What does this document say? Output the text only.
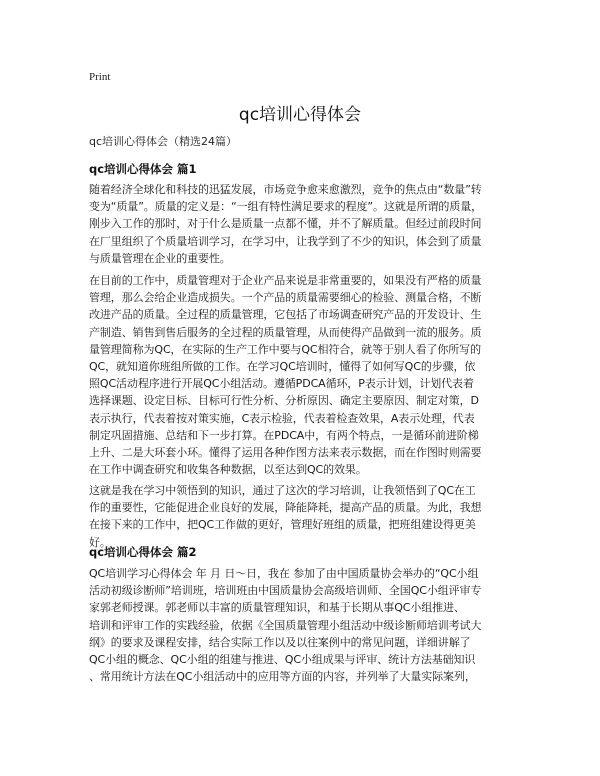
Print
qc培训心得体会
qc培训心得体会（精选24篇）
qc培训心得体会 篇1
随着经济全球化和科技的迅猛发展，市场竞争愈来愈激烈，竞争的焦点由“数量”转
变为“质量”。质量的定义是：“一组有特性满足要求的程度”。这就是所谓的质量，
刚步入工作的那时，对于什么是质量一点都不懂，并不了解质量。但经过前段时间
在厂里组织了个质量培训学习，在学习中，让我学到了不少的知识，体会到了质量
与质量管理在企业的重要性。
在目前的工作中，质量管理对于企业产品来说是非常重要的，如果没有严格的质量
管理，那么会给企业造成损失。一个产品的质量需要细心的检验、测量合格，不断
改进产品的质量。全过程的质量管理，它包括了市场调查研究产品的开发设计、生
产制造、销售到售后服务的全过程的质量管理，从而使得产品做到一流的服务。质
量管理简称为QC，在实际的生产工作中要与QC相符合，就等于别人看了你所写的
QC，就知道你班组所做的工作。在学习QC培训时，懂得了如何写QC的步骤，依
照QC活动程序进行开展QC小组活动。遵循PDCA循环，P表示计划，计划代表着
选择课题、设定目标、目标可行性分析、分析原因、确定主要原因、制定对策，D
表示执行，代表着按对策实施，C表示检验，代表着检查效果，A表示处理，代表
制定巩固措施、总结和下一步打算。在PDCA中，有两个特点，一是循环前进阶梯
上升、二是大环套小环。懂得了运用各种作图方法来表示数据，而在作图时则需要
在工作中调查研究和收集各种数据，以至达到QC的效果。
这就是我在学习中领悟到的知识，通过了这次的学习培训，让我领悟到了QC在工
作的重要性，它能促进企业良好的发展，降能降耗，提高产品的质量。为此，我想
在接下来的工作中，把QC工作做的更好，管理好班组的质量，把班组建设得更美
好。
qc培训心得体会 篇2
QC培训学习心得体会 年 月 日～日，我在 参加了由中国质量协会举办的“QC小组
活动初级诊断师”培训班，培训班由中国质量协会高级培训师、全国QC小组评审专
家郭老师授课。郭老师以丰富的质量管理知识，和基于长期从事QC小组推进、
培训和评审工作的实践经验，依据《全国质量管理小组活动中级诊断师培训考试大
纲》的要求及课程安排，结合实际工作以及以往案例中的常见问题，详细讲解了
QC小组的概念、QC小组的组建与推进、QC小组成果与评审、统计方法基础知识
、常用统计方法在QC小组活动中的应用等方面的内容，并列举了大量实际案列，
